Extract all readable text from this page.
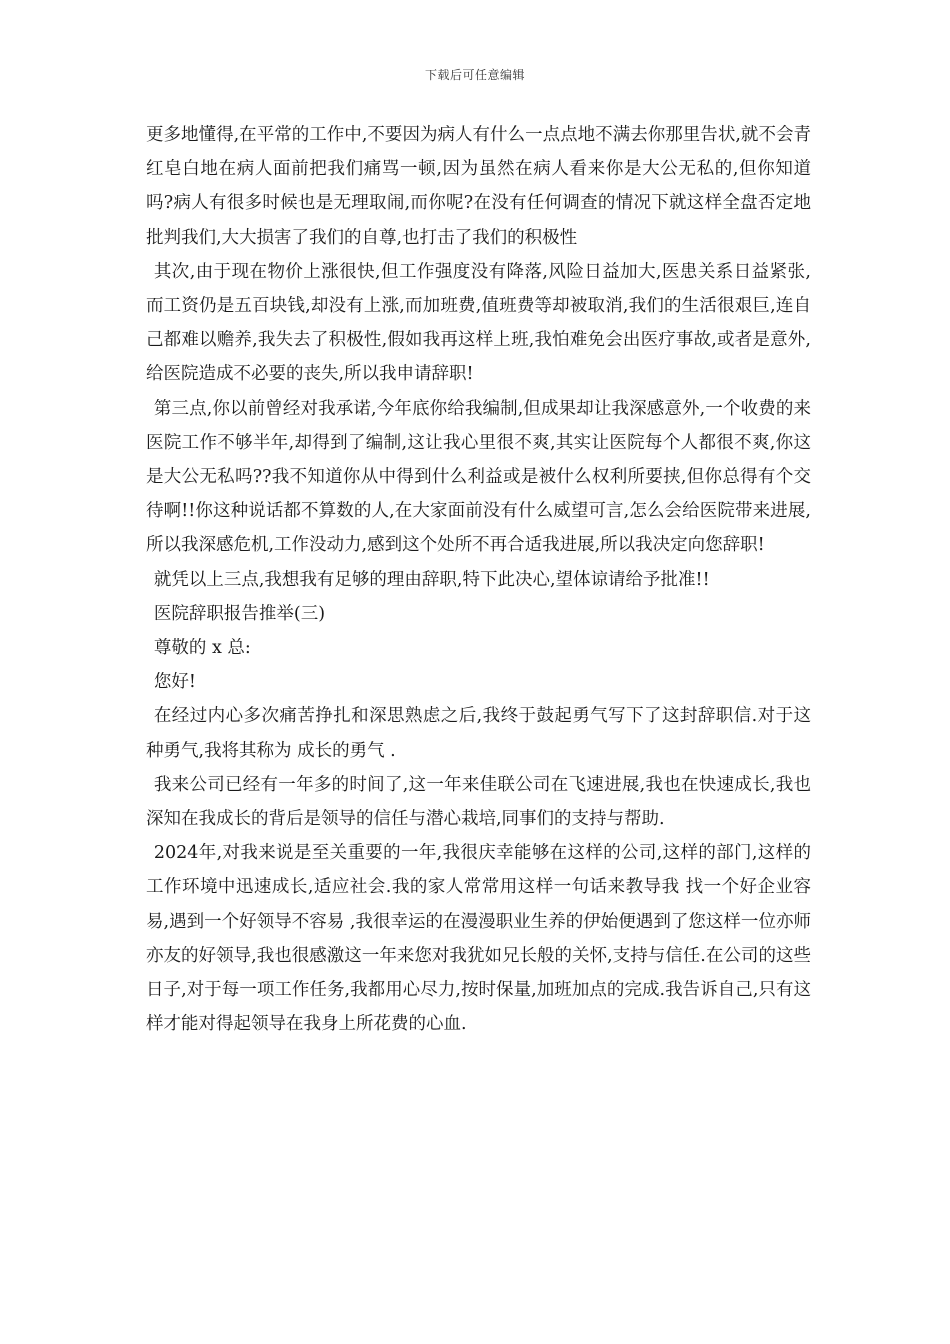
下载后可任意编辑

更多地懂得,在平常的工作中,不要因为病人有什么一点点地不满去你那里告状,就不会青红皂白地在病人面前把我们痛骂一顿,因为虽然在病人看来你是大公无私的,但你知道吗?病人有很多时候也是无理取闹,而你呢?在没有任何调查的情况下就这样全盘否定地批判我们,大大损害了我们的自尊,也打击了我们的积极性

其次,由于现在物价上涨很快,但工作强度没有降落,风险日益加大,医患关系日益紧张,而工资仍是五百块钱,却没有上涨,而加班费,值班费等却被取消,我们的生活很艰巨,连自己都难以赡养,我失去了积极性,假如我再这样上班,我怕难免会出医疗事故,或者是意外,给医院造成不必要的丧失,所以我申请辞职!

第三点,你以前曾经对我承诺,今年底你给我编制,但成果却让我深感意外,一个收费的来医院工作不够半年,却得到了编制,这让我心里很不爽,其实让医院每个人都很不爽,你这是大公无私吗??我不知道你从中得到什么利益或是被什么权利所要挟,但你总得有个交待啊!!你这种说话都不算数的人,在大家面前没有什么威望可言,怎么会给医院带来进展,所以我深感危机,工作没动力,感到这个处所不再合适我进展,所以我决定向您辞职!

就凭以上三点,我想我有足够的理由辞职,特下此决心,望体谅请给予批准!!

医院辞职报告推举(三)

尊敬的 x 总:

您好!

在经过内心多次痛苦挣扎和深思熟虑之后,我终于鼓起勇气写下了这封辞职信.对于这种勇气,我将其称为 成长的勇气 .

我来公司已经有一年多的时间了,这一年来佳联公司在飞速进展,我也在快速成长,我也深知在我成长的背后是领导的信任与潜心栽培,同事们的支持与帮助.

2024年,对我来说是至关重要的一年,我很庆幸能够在这样的公司,这样的部门,这样的工作环境中迅速成长,适应社会.我的家人常常用这样一句话来教导我 找一个好企业容易,遇到一个好领导不容易 ,我很幸运的在漫漫职业生养的伊始便遇到了您这样一位亦师亦友的好领导,我也很感激这一年来您对我犹如兄长般的关怀,支持与信任.在公司的这些日子,对于每一项工作任务,我都用心尽力,按时保量,加班加点的完成.我告诉自己,只有这样才能对得起领导在我身上所花费的心血.
